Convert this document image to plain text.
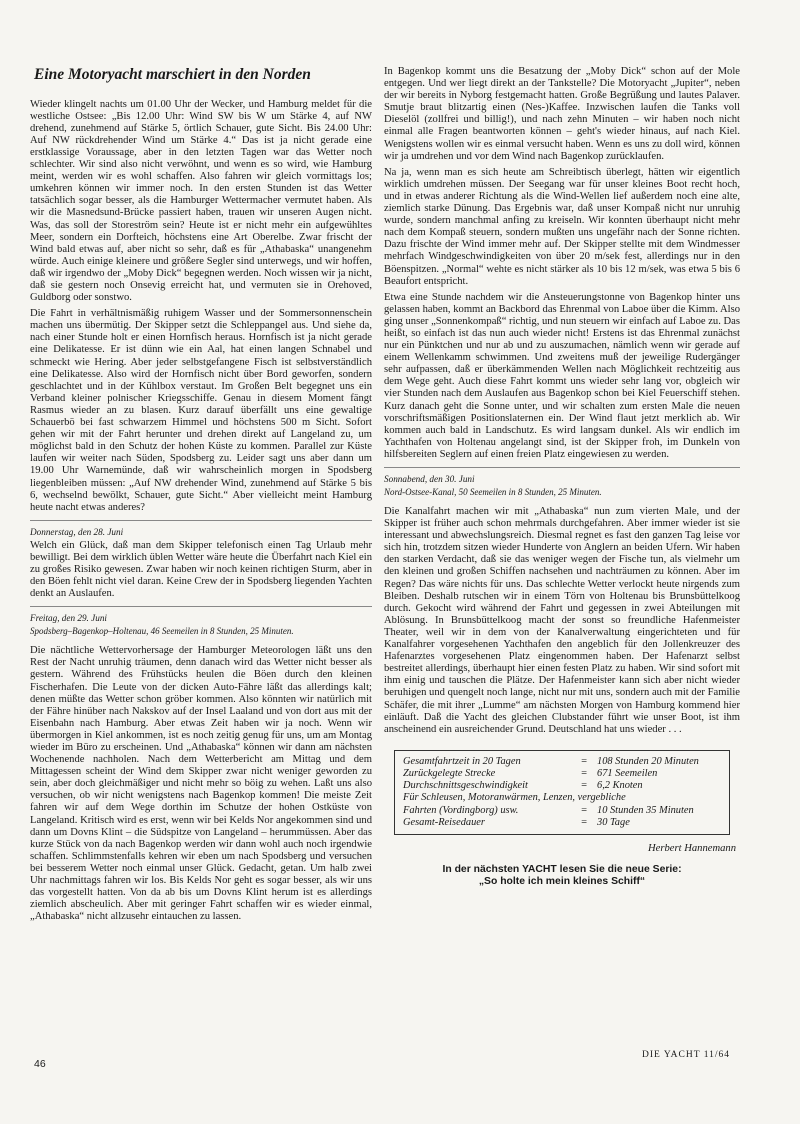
Eine Motoryacht marschiert in den Norden

Wieder klingelt nachts um 01.00 Uhr der Wecker, und Hamburg meldet für die westliche Ostsee: „Bis 12.00 Uhr: Wind SW bis W um Stärke 4, auf NW drehend, zunehmend auf Stärke 5, örtlich Schauer, gute Sicht. Bis 24.00 Uhr: Auf NW rückdrehender Wind um Stärke 4.“ Das ist ja nicht gerade eine erstklassige Voraussage, aber in den letzten Tagen war das Wetter noch schlechter. Wir sind also nicht verwöhnt, und wenn es so wird, wie Hamburg meint, werden wir es wohl schaffen. Also fahren wir gleich vormittags los; umkehren können wir immer noch. In den ersten Stunden ist das Wetter tatsächlich sogar besser, als die Hamburger Wettermacher vermutet haben. Als wir die Masnedsund-Brücke passiert haben, trauen wir unseren Augen nicht. Was, das soll der Storeström sein? Heute ist er nicht mehr ein aufgewühltes Meer, sondern ein Dorfteich, höchstens eine Art Oberelbe. Zwar frischt der Wind bald etwas auf, aber nicht so sehr, daß es für „Athabaska“ unangenehm würde. Auch einige kleinere und größere Segler sind unterwegs, und wir hoffen, daß wir irgendwo der „Moby Dick“ begegnen werden. Noch wissen wir ja nicht, daß sie gestern noch Onsevig erreicht hat, und vermuten sie in Orehoved, Guldborg oder sonstwo.

Die Fahrt in verhältnismäßig ruhigem Wasser und der Sommersonnenschein machen uns übermütig. Der Skipper setzt die Schleppangel aus. Und siehe da, nach einer Stunde holt er einen Hornfisch heraus. Hornfisch ist ja nicht gerade eine Delikatesse. Er ist dünn wie ein Aal, hat einen langen Schnabel und schmeckt wie Hering. Aber jeder selbstgefangene Fisch ist selbstverständlich eine Delikatesse. Also wird der Hornfisch nicht über Bord geworfen, sondern geschlachtet und in der Kühlbox verstaut. Im Großen Belt begegnet uns ein Verband kleiner polnischer Kriegsschiffe. Genau in diesem Moment fängt Rasmus wieder an zu blasen. Kurz darauf überfällt uns eine gewaltige Schauerbö bei fast schwarzem Himmel und höchstens 500 m Sicht. Sofort gehen wir mit der Fahrt herunter und drehen direkt auf Langeland zu, um möglichst bald in den Schutz der hohen Küste zu kommen. Parallel zur Küste laufen wir weiter nach Süden, Spodsberg zu. Leider sagt uns aber dann um 19.00 Uhr Warnemünde, daß wir wahrscheinlich morgen in Spodsberg liegenbleiben müssen: „Auf NW drehender Wind, zunehmend auf Stärke 5 bis 6, wechselnd bewölkt, Schauer, gute Sicht.“ Aber vielleicht meint Hamburg heute nacht etwas anderes?

Donnerstag, den 28. Juni

Welch ein Glück, daß man dem Skipper telefonisch einen Tag Urlaub mehr bewilligt. Bei dem wirklich üblen Wetter wäre heute die Überfahrt nach Kiel ein zu großes Risiko gewesen. Zwar haben wir noch keinen richtigen Sturm, aber in den Böen fehlt nicht viel daran. Keine Crew der in Spodsberg liegenden Yachten denkt an Auslaufen.

Freitag, den 29. Juni
Spodsberg–Bagenkop–Holtenau, 46 Seemeilen in 8 Stunden, 25 Minuten.

Die nächtliche Wettervorhersage der Hamburger Meteorologen läßt uns den Rest der Nacht unruhig träumen, denn danach wird das Wetter nicht besser als gestern. Während des Frühstücks heulen die Böen durch den kleinen Fischerhafen. Die Leute von der dicken Auto-Fähre läßt das allerdings kalt; denen müßte das Wetter schon gröber kommen. Also könnten wir natürlich mit der Fähre hinüber nach Nakskov auf der Insel Laaland und von dort aus mit der Eisenbahn nach Hamburg. Aber etwas Zeit haben wir ja noch. Wenn wir übermorgen in Kiel ankommen, ist es noch zeitig genug für uns, um am Montag wieder im Büro zu erscheinen. Und „Athabaska“ können wir dann am nächsten Wochenende nachholen. Nach dem Wetterbericht am Mittag und dem Mittagessen scheint der Wind dem Skipper zwar nicht weniger geworden zu sein, aber doch gleichmäßiger und nicht mehr so böig zu wehen. Laßt uns also versuchen, ob wir nicht wenigstens nach Bagenkop kommen! Die meiste Zeit fahren wir auf dem Wege dorthin im Schutze der hohen Ostküste von Langeland. Kritisch wird es erst, wenn wir bei Kelds Nor angekommen sind und dann um Dovns Klint – die Südspitze von Langeland – herummüssen. Aber das kurze Stück von da nach Bagenkop werden wir dann wohl auch noch irgendwie schaffen. Schlimmstenfalls kehren wir eben um nach Spodsberg und versuchen bei besserem Wetter noch einmal unser Glück. Gedacht, getan. Um halb zwei Uhr nachmittags fahren wir los. Bis Kelds Nor geht es sogar besser, als wir uns das vorgestellt hatten. Von da ab bis um Dovns Klint herum ist es allerdings ziemlich abscheulich. Aber mit geringer Fahrt schaffen wir es wieder einmal, „Athabaska“ nicht allzusehr eintauchen zu lassen.

In Bagenkop kommt uns die Besatzung der „Moby Dick“ schon auf der Mole entgegen. Und wer liegt direkt an der Tankstelle? Die Motoryacht „Jupiter“, neben der wir bereits in Nyborg festgemacht hatten. Große Begrüßung und lautes Palaver. Smutje braut blitzartig einen (Nes-)Kaffee. Inzwischen laufen die Tanks voll Dieselöl (zollfrei und billig!), und nach zehn Minuten – wir haben noch nicht einmal alle Fragen beantworten können – geht's wieder hinaus, auf nach Kiel. Wenigstens wollen wir es einmal versucht haben. Wenn es uns zu doll wird, können wir ja umdrehen und vor dem Wind nach Bagenkop zurücklaufen.

Na ja, wenn man es sich heute am Schreibtisch überlegt, hätten wir eigentlich wirklich umdrehen müssen. Der Seegang war für unser kleines Boot recht hoch, und in etwas anderer Richtung als die Wind-Wellen lief außerdem noch eine alte, ziemlich starke Dünung. Das Ergebnis war, daß unser Kompaß nicht nur unruhig wurde, sondern manchmal anfing zu kreiseln. Wir konnten überhaupt nicht mehr nach dem Kompaß steuern, sondern mußten uns ungefähr nach der Sonne richten. Dazu frischte der Wind immer mehr auf. Der Skipper stellte mit dem Windmesser mehrfach Windgeschwindigkeiten von über 20 m/sek fest, allerdings nur in den Böenspitzen. „Normal“ wehte es nicht stärker als 10 bis 12 m/sek, was etwa 5 bis 6 Beaufort entspricht.

Etwa eine Stunde nachdem wir die Ansteuerungstonne von Bagenkop hinter uns gelassen haben, kommt an Backbord das Ehrenmal von Laboe über die Kimm. Also ging unser „Sonnenkompaß“ richtig, und nun steuern wir einfach auf Laboe zu. Das heißt, so einfach ist das nun auch wieder nicht! Erstens ist das Ehrenmal zunächst nur ein Pünktchen und nur ab und zu auszumachen, nämlich wenn wir gerade auf einem Wellenkamm schwimmen. Und zweitens muß der jeweilige Rudergänger sehr aufpassen, daß er überkämmenden Wellen nach Möglichkeit rechtzeitig aus dem Wege geht. Auch diese Fahrt kommt uns wieder sehr lang vor, obgleich wir vier Stunden nach dem Auslaufen aus Bagenkop schon bei Kiel Feuerschiff stehen. Kurz danach geht die Sonne unter, und wir schalten zum ersten Male die neuen vorschriftsmäßigen Positionslaternen ein. Der Wind flaut jetzt merklich ab. Wir kommen auch bald in Landschutz. Es wird langsam dunkel. Als wir endlich im Yachthafen von Holtenau angelangt sind, ist der Skipper froh, im Dunkeln von hilfsbereiten Seglern auf einen freien Platz eingewiesen zu werden.

Sonnabend, den 30. Juni
Nord-Ostsee-Kanal, 50 Seemeilen in 8 Stunden, 25 Minuten.

Die Kanalfahrt machen wir mit „Athabaska“ nun zum vierten Male, und der Skipper ist früher auch schon mehrmals durchgefahren. Aber immer wieder ist sie interessant und abwechslungsreich. Diesmal regnet es fast den ganzen Tag leise vor sich hin, trotzdem sitzen wieder Hunderte von Anglern an beiden Ufern. Wir haben den starken Verdacht, daß sie das weniger wegen der Fische tun, als vielmehr um den kleinen und großen Schiffen nachsehen und nachträumen zu können. Aber im Regen? Das wäre nichts für uns. Das schlechte Wetter verlockt heute nirgends zum Bleiben. Deshalb rutschen wir in einem Törn von Holtenau bis Brunsbüttelkoog durch. Gekocht wird während der Fahrt und gegessen in zwei Abteilungen mit Ablösung. In Brunsbüttelkoog macht der sonst so freundliche Hafenmeister Theater, weil wir in dem von der Kanalverwaltung eingerichteten und für Kanalfahrer vorgesehenen Yachthafen den angeblich für den Jollenkreuzer des Hafenarztes vorgesehenen Platz eingenommen haben. Der Hafenarzt selbst bestreitet allerdings, überhaupt hier einen festen Platz zu haben. Wir sind sofort mit ihm einig und tauschen die Plätze. Der Hafenmeister kann sich aber nicht wieder beruhigen und quengelt noch lange, nicht nur mit uns, sondern auch mit der Familie Schäfer, die mit ihrer „Lumme“ am nächsten Morgen von Hamburg kommend hier einläuft. Daß die Yacht des gleichen Clubstander führt wie unser Boot, ist ihm anscheinend ein ausreichender Grund. Deutschland hat uns wieder . . .

Gesamtfahrtzeit in 20 Tagen	= 108 Stunden 20 Minuten
Zurückgelegte Strecke	= 671 Seemeilen
Durchschnittsgeschwindigkeit	= 6,2 Knoten
Für Schleusen, Motoranwärmen, Lenzen, vergebliche
Fahrten (Vordingborg) usw.	= 10 Stunden 35 Minuten
Gesamt-Reisedauer	= 30 Tage
Herbert Hannemann
In der nächsten YACHT lesen Sie die neue Serie:
„So holte ich mein kleines Schiff“
46
DIE YACHT 11/64
